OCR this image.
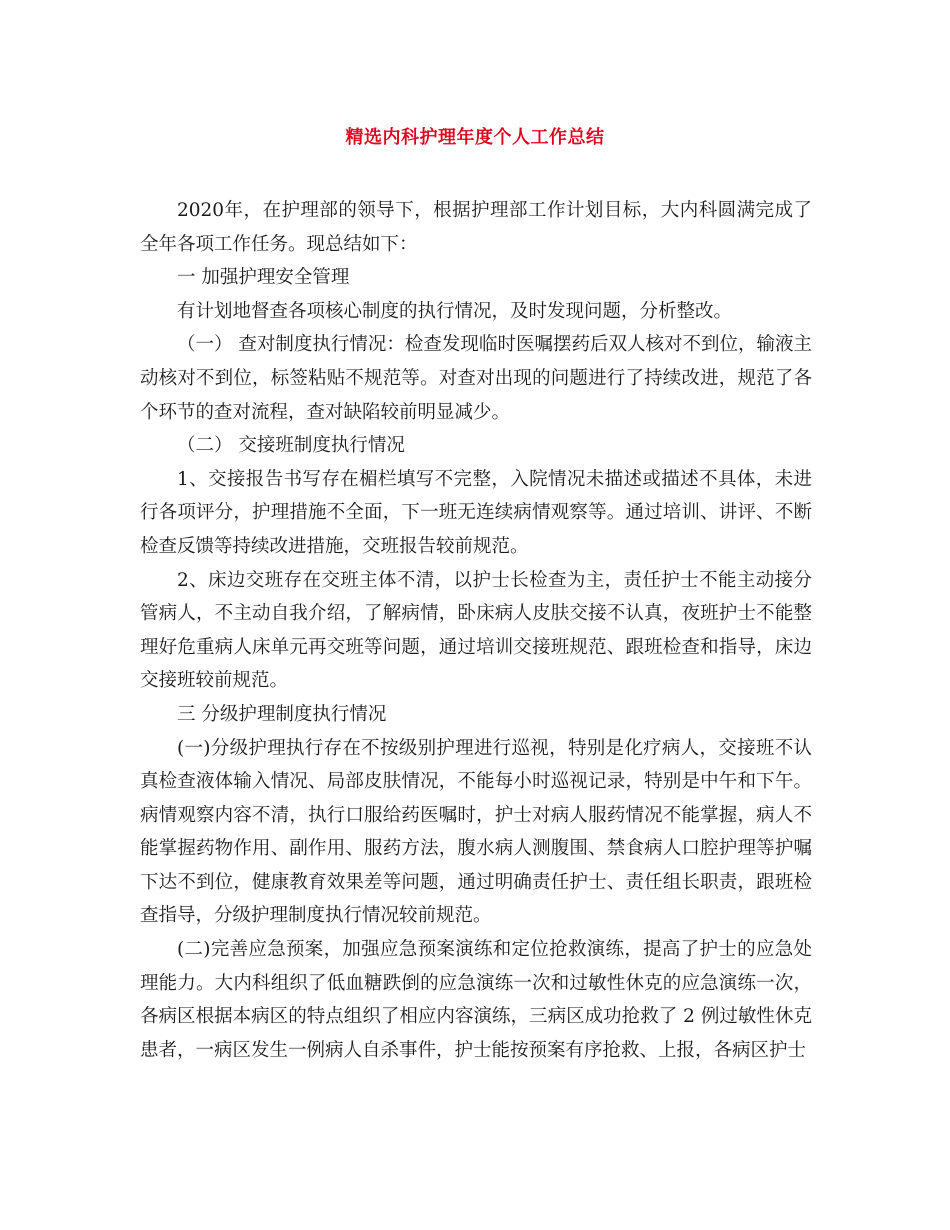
精选内科护理年度个人工作总结

2020年，在护理部的领导下，根据护理部工作计划目标，大内科圆满完成了全年各项工作任务。现总结如下：

一 加强护理安全管理

有计划地督查各项核心制度的执行情况，及时发现问题，分析整改。

（一） 查对制度执行情况：检查发现临时医嘱摆药后双人核对不到位，输液主动核对不到位，标签粘贴不规范等。对查对出现的问题进行了持续改进，规范了各个环节的查对流程，查对缺陷较前明显减少。

（二） 交接班制度执行情况

1、交接报告书写存在楣栏填写不完整，入院情况未描述或描述不具体，未进行各项评分，护理措施不全面，下一班无连续病情观察等。通过培训、讲评、不断检查反馈等持续改进措施，交班报告较前规范。

2、床边交班存在交班主体不清，以护士长检查为主，责任护士不能主动接分管病人，不主动自我介绍，了解病情，卧床病人皮肤交接不认真，夜班护士不能整理好危重病人床单元再交班等问题，通过培训交接班规范、跟班检查和指导，床边交接班较前规范。

三 分级护理制度执行情况

(一)分级护理执行存在不按级别护理进行巡视，特别是化疗病人，交接班不认真检查液体输入情况、局部皮肤情况，不能每小时巡视记录，特别是中午和下午。病情观察内容不清，执行口服给药医嘱时，护士对病人服药情况不能掌握，病人不能掌握药物作用、副作用、服药方法，腹水病人测腹围、禁食病人口腔护理等护嘱下达不到位，健康教育效果差等问题，通过明确责任护士、责任组长职责，跟班检查指导，分级护理制度执行情况较前规范。

(二)完善应急预案，加强应急预案演练和定位抢救演练，提高了护士的应急处理能力。大内科组织了低血糖跌倒的应急演练一次和过敏性休克的应急演练一次，各病区根据本病区的特点组织了相应内容演练，三病区成功抢救了 2 例过敏性休克患者，一病区发生一例病人自杀事件，护士能按预案有序抢救、上报，各病区护士
